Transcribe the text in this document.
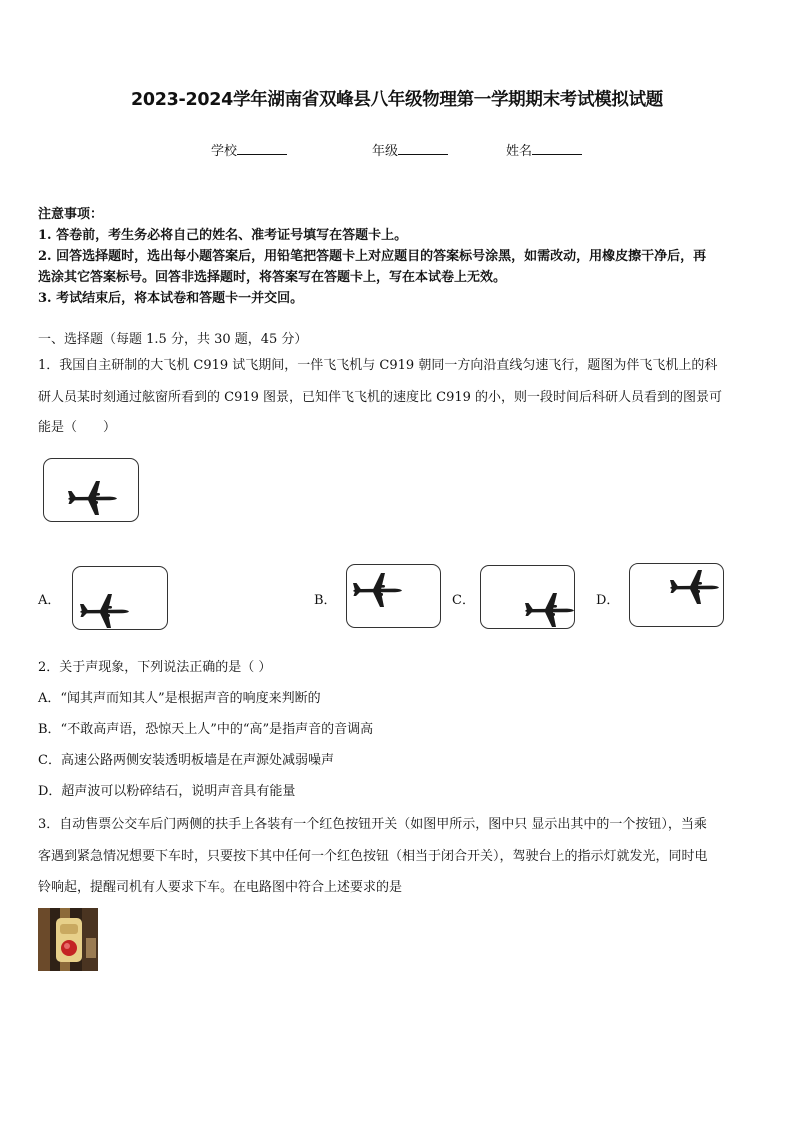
2023-2024学年湖南省双峰县八年级物理第一学期期末考试模拟试题
学校	年级	姓名
注意事项：
1. 答卷前，考生务必将自己的姓名、准考证号填写在答题卡上。
2. 回答选择题时，选出每小题答案后，用铅笔把答题卡上对应题目的答案标号涂黑，如需改动，用橡皮擦干净后，再
选涂其它答案标号。回答非选择题时，将答案写在答题卡上，写在本试卷上无效。
3. 考试结束后，将本试卷和答题卡一并交回。
一、选择题（每题 1.5 分，共 30 题，45 分）
1．我国自主研制的大飞机 C919 试飞期间，一伴飞飞机与 C919 朝同一方向沿直线匀速飞行，题图为伴飞飞机上的科
研人员某时刻通过舷窗所看到的 C919 图景，已知伴飞飞机的速度比 C919 的小，则一段时间后科研人员看到的图景可
能是（　　）
A．	B．	C．	D．
2．关于声现象，下列说法正确的是（ ）
A．“闻其声而知其人”是根据声音的响度来判断的
B．“不敢高声语，恐惊天上人”中的“高”是指声音的音调高
C．高速公路两侧安装透明板墙是在声源处减弱噪声
D．超声波可以粉碎结石，说明声音具有能量
3．自动售票公交车后门两侧的扶手上各装有一个红色按钮开关（如图甲所示，图中只 显示出其中的一个按钮），当乘
客遇到紧急情况想要下车时，只要按下其中任何一个红色按钮（相当于闭合开关），驾驶台上的指示灯就发光，同时电
铃响起，提醒司机有人要求下车。在电路图中符合上述要求的是
